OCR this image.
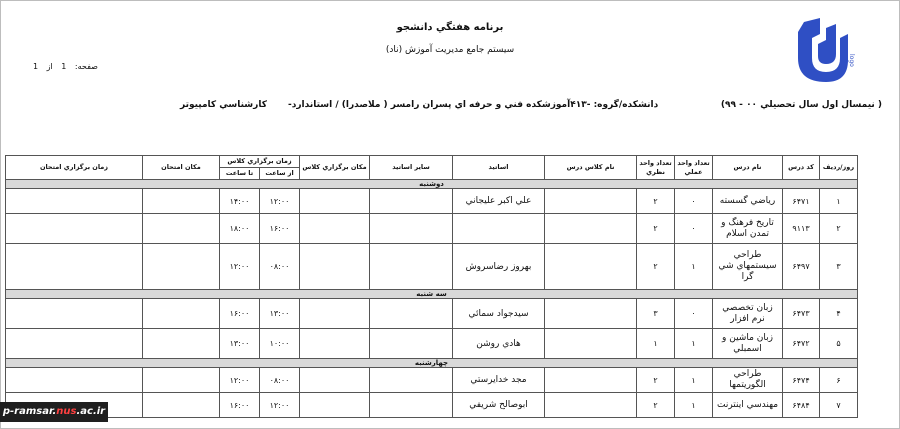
logo
برنامه هفتگي دانشجو
سيستم جامع مديريت آموزش (ناد)
صفحه: 1 از 1
( نيمسال اول سال تحصيلي ۰۰ - ۹۹)
دانشكده/گروه: -۴۱۳آموزشكده فني و حرفه اي پسران رامسر ( ملاصدرا) / استاندارد-
كارشناسي كامپيوتر
روز/رديف	كد درس	نام درس	تعداد واحد عملي	تعداد واحد نظري	نام كلاس درس	اساتيد	ساير اساتيد	مكان برگزاري كلاس	زمان برگزاري كلاس		مكان امتحان	زمان برگزاري امتحان
									از ساعت	تا ساعت		
دوشنبه												
۱	۶۴۷۱	رياضي گسسته	۰	۲		علي اكبر عليجاني			۱۲:۰۰	۱۴:۰۰		
۲	۹۱۱۳	تاريخ فرهنگ و تمدن اسلام	۰	۲					۱۶:۰۰	۱۸:۰۰		
۳	۶۴۹۷	طراحي سيستمهاي شي گرا	۱	۲		بهروز رضاسروش			۰۸:۰۰	۱۲:۰۰		
سه شنبه												
۴	۶۴۷۳	زبان تخصصي نرم افزار	۰	۳		سيدجواد سمائي			۱۳:۰۰	۱۶:۰۰		
۵	۶۴۷۲	زبان ماشين و اسمبلي	۱	۱		هادي روشن			۱۰:۰۰	۱۳:۰۰		
چهارشنبه												
۶	۶۴۷۴	طراحي الگوريتمها	۱	۲		مجد خدايرستي			۰۸:۰۰	۱۲:۰۰		
۷	۶۴۸۴	مهندسي اينترنت	۱	۲		ابوصالح شريفي			۱۲:۰۰	۱۶:۰۰		
p-ramsar.nus.ac.ir
